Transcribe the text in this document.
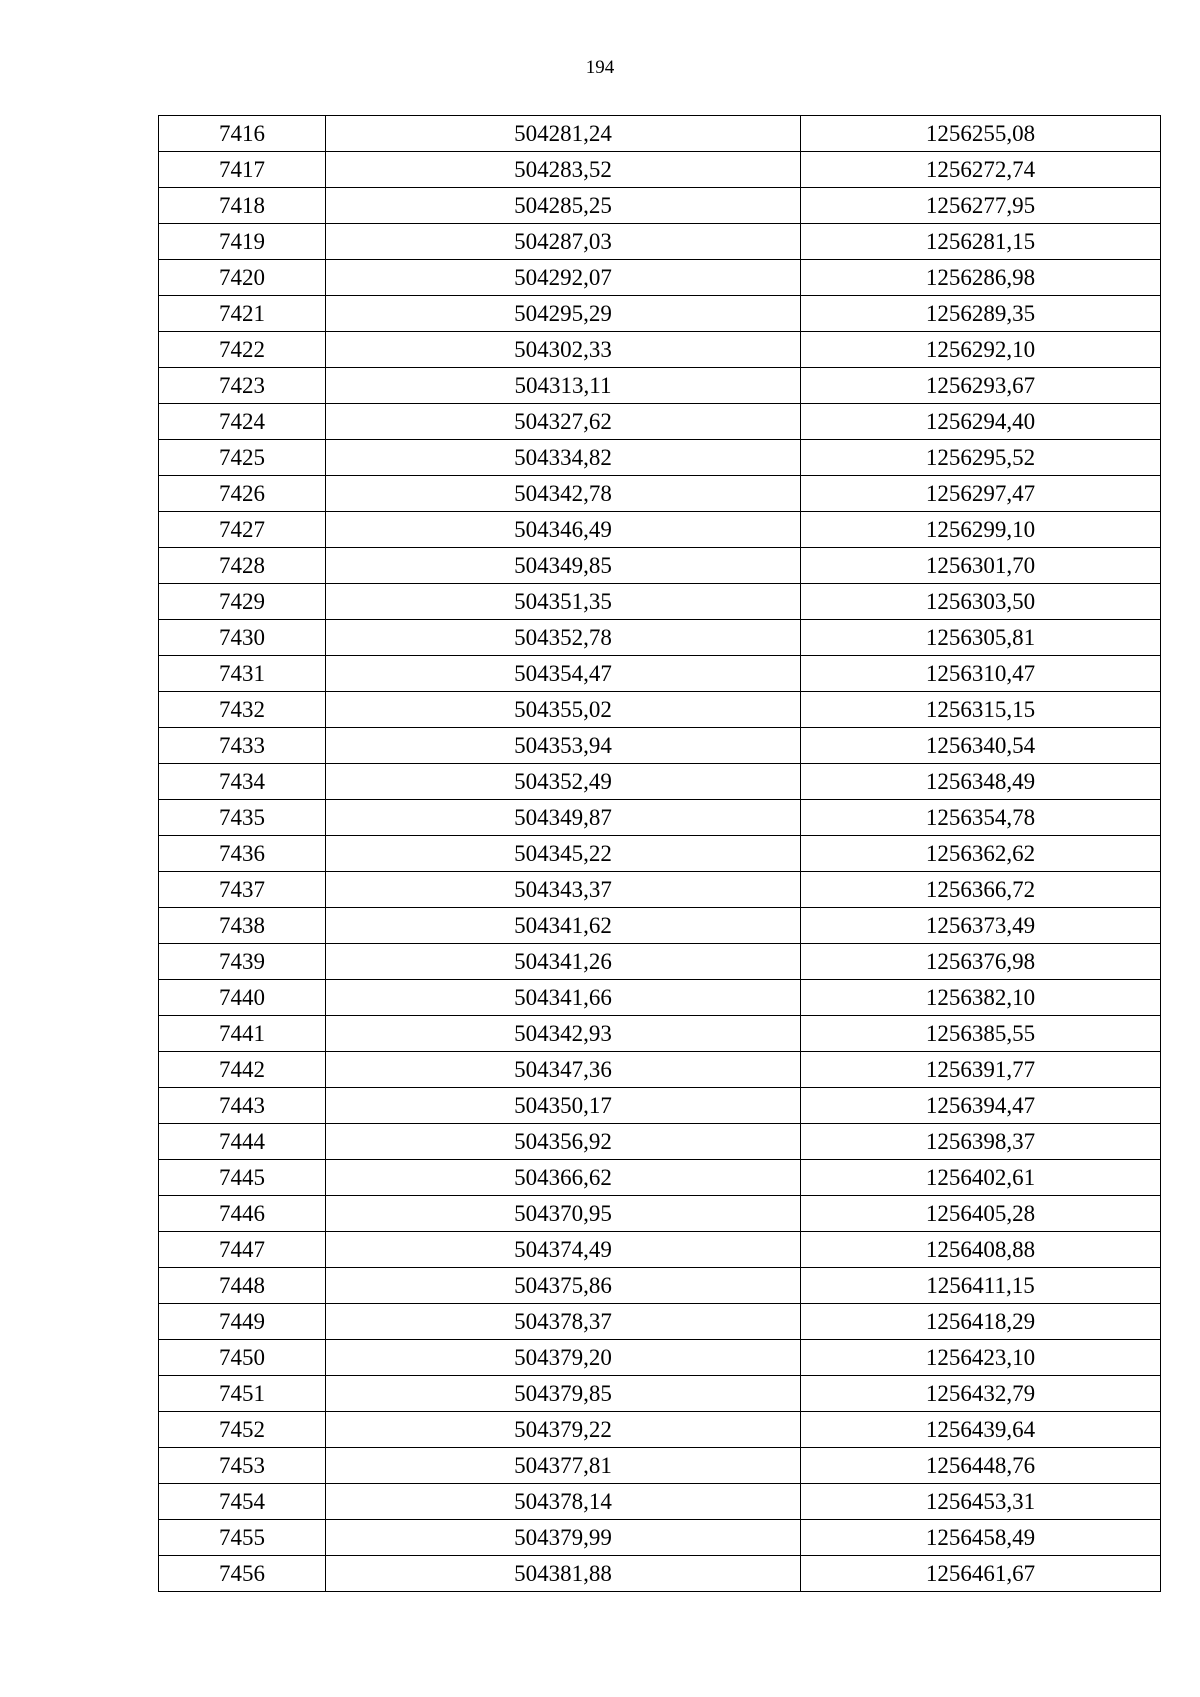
194
7416	504281,24	1256255,08
7417	504283,52	1256272,74
7418	504285,25	1256277,95
7419	504287,03	1256281,15
7420	504292,07	1256286,98
7421	504295,29	1256289,35
7422	504302,33	1256292,10
7423	504313,11	1256293,67
7424	504327,62	1256294,40
7425	504334,82	1256295,52
7426	504342,78	1256297,47
7427	504346,49	1256299,10
7428	504349,85	1256301,70
7429	504351,35	1256303,50
7430	504352,78	1256305,81
7431	504354,47	1256310,47
7432	504355,02	1256315,15
7433	504353,94	1256340,54
7434	504352,49	1256348,49
7435	504349,87	1256354,78
7436	504345,22	1256362,62
7437	504343,37	1256366,72
7438	504341,62	1256373,49
7439	504341,26	1256376,98
7440	504341,66	1256382,10
7441	504342,93	1256385,55
7442	504347,36	1256391,77
7443	504350,17	1256394,47
7444	504356,92	1256398,37
7445	504366,62	1256402,61
7446	504370,95	1256405,28
7447	504374,49	1256408,88
7448	504375,86	1256411,15
7449	504378,37	1256418,29
7450	504379,20	1256423,10
7451	504379,85	1256432,79
7452	504379,22	1256439,64
7453	504377,81	1256448,76
7454	504378,14	1256453,31
7455	504379,99	1256458,49
7456	504381,88	1256461,67
